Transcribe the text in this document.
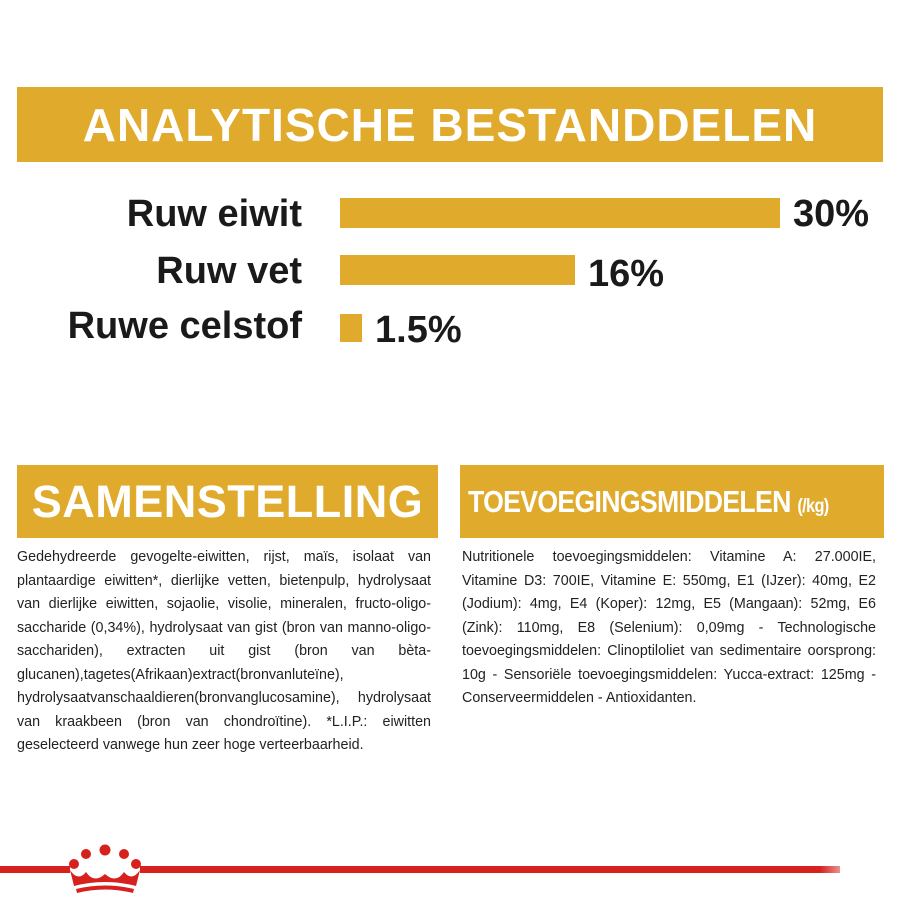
ANALYTISCHE BESTANDDELEN
Ruw eiwit	30%
Ruw vet	16%
Ruwe celstof 1.5%
SAMENSTELLING

Gedehydreerde gevogelte-eiwitten, rijst, maïs, isolaat van plantaardige eiwitten*, dierlijke vetten, bietenpulp, hydrolysaat van dierlijke eiwitten, sojaolie, visolie, mineralen, fructo-oligo-saccharide (0,34%), hydrolysaat van gist (bron van manno-oligo-sacchariden), extracten uit gist (bron van bèta-glucanen),tagetes(Afrikaan)extract(bronvanluteïne), hydrolysaatvanschaaldieren(bronvanglucosamine), hydrolysaat van kraakbeen (bron van chondroïtine). *L.I.P.: eiwitten geselecteerd vanwege hun zeer hoge verteerbaarheid.

TOEVOEGINGSMIDDELEN (/kg)

Nutritionele toevoegingsmiddelen: Vitamine A: 27.000IE, Vitamine D3: 700IE, Vitamine E: 550mg, E1 (IJzer): 40mg, E2 (Jodium): 4mg, E4 (Koper): 12mg, E5 (Mangaan): 52mg, E6 (Zink): 110mg, E8 (Selenium): 0,09mg - Technologische toevoegingsmiddelen: Clinoptiloliet van sedimentaire oorsprong: 10g - Sensoriële toevoegingsmiddelen: Yucca-extract: 125mg - Conserveermiddelen - Antioxidanten.
